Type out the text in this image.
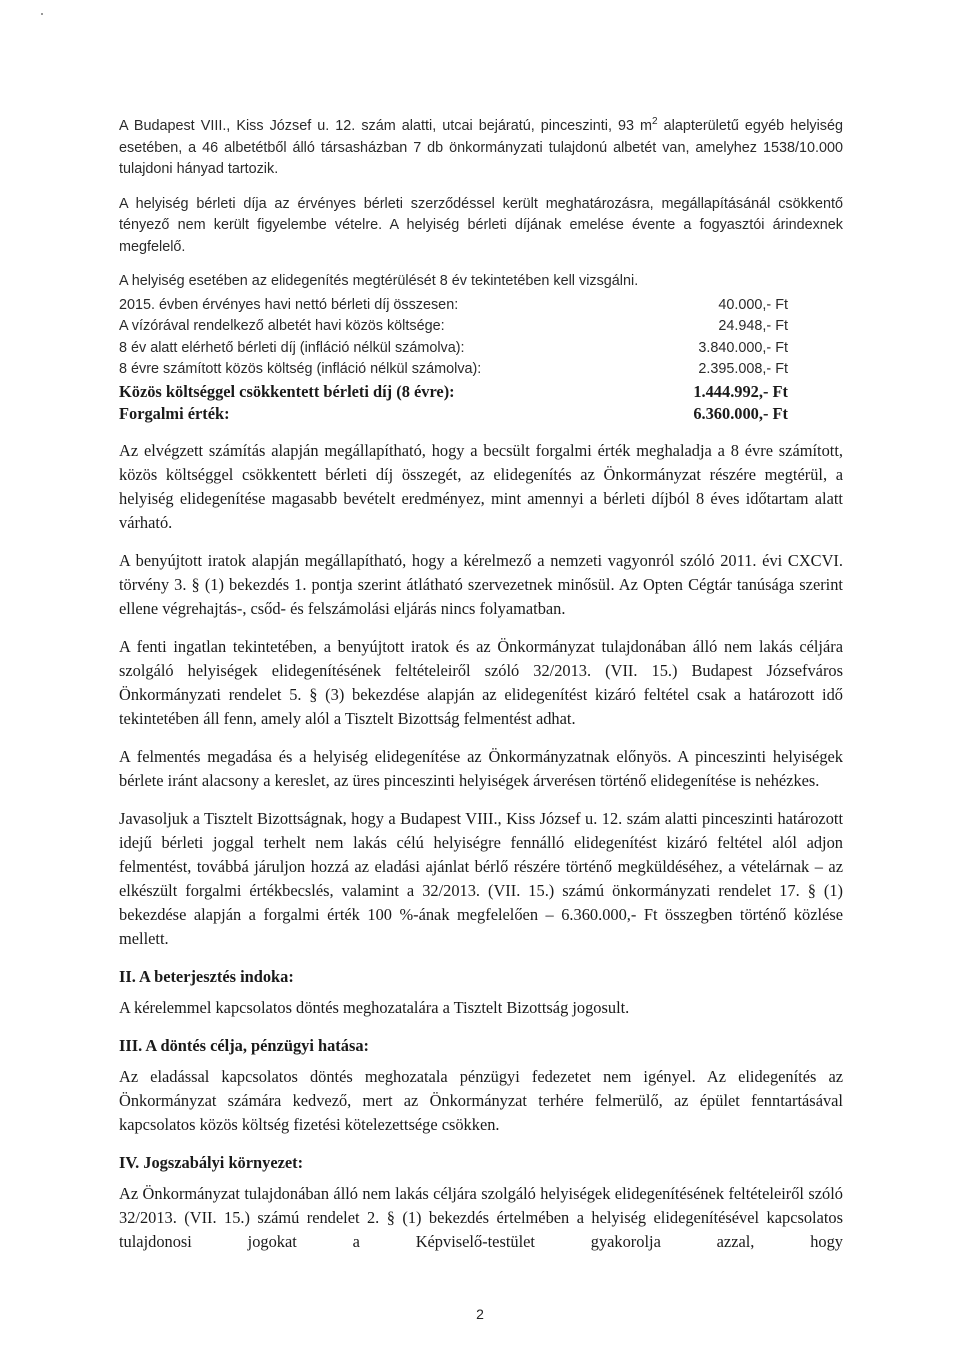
A Budapest VIII., Kiss József u. 12. szám alatti, utcai bejáratú, pinceszinti, 93 $m^2$ alapterületű egyéb helyiség esetében, a 46 albetétből álló társasházban 7 db önkormányzati tulajdonú albetét van, amelyhez 1538/10.000 tulajdoni hányad tartozik.

A helyiség bérleti díja az érvényes bérleti szerződéssel került meghatározásra, megállapításánál csökkentő tényező nem került figyelembe vételre. A helyiség bérleti díjának emelése évente a fogyasztói árindexnek megfelelő.

A helyiség esetében az elidegenítés megtérülését 8 év tekintetében kell vizsgálni.

2015. évben érvényes havi nettó bérleti díj összesen:	40.000,- Ft
A vízórával rendelkező albetét havi közös költsége:	24.948,- Ft
8 év alatt elérhető bérleti díj (infláció nélkül számolva):	3.840.000,- Ft
8 évre számított közös költség (infláció nélkül számolva):	2.395.008,- Ft
Közös költséggel csökkentett bérleti díj (8 évre):	1.444.992,- Ft
Forgalmi érték:	6.360.000,- Ft

Az elvégzett számítás alapján megállapítható, hogy a becsült forgalmi érték meghaladja a 8 évre számított, közös költséggel csökkentett bérleti díj összegét, az elidegenítés az Önkormányzat részére megtérül, a helyiség elidegenítése magasabb bevételt eredményez, mint amennyi a bérleti díjból 8 éves időtartam alatt várható.

A benyújtott iratok alapján megállapítható, hogy a kérelmező a nemzeti vagyonról szóló 2011. évi CXCVI. törvény 3. § (1) bekezdés 1. pontja szerint átlátható szervezetnek minősül. Az Opten Cégtár tanúsága szerint ellene végrehajtás-, csőd- és felszámolási eljárás nincs folyamatban.

A fenti ingatlan tekintetében, a benyújtott iratok és az Önkormányzat tulajdonában álló nem lakás céljára szolgáló helyiségek elidegenítésének feltételeiről szóló 32/2013. (VII. 15.) Budapest Józsefváros Önkormányzati rendelet 5. § (3) bekezdése alapján az elidegenítést kizáró feltétel csak a határozott idő tekintetében áll fenn, amely alól a Tisztelt Bizottság felmentést adhat.

A felmentés megadása és a helyiség elidegenítése az Önkormányzatnak előnyös. A pinceszinti helyiségek bérlete iránt alacsony a kereslet, az üres pinceszinti helyiségek árverésen történő elidegenítése is nehézkes.

Javasoljuk a Tisztelt Bizottságnak, hogy a Budapest VIII., Kiss József u. 12. szám alatti pinceszinti határozott idejű bérleti joggal terhelt nem lakás célú helyiségre fennálló elidegenítést kizáró feltétel alól adjon felmentést, továbbá járuljon hozzá az eladási ajánlat bérlő részére történő megküldéséhez, a vételárnak – az elkészült forgalmi értékbecslés, valamint a 32/2013. (VII. 15.) számú önkormányzati rendelet 17. § (1) bekezdése alapján a forgalmi érték 100 %-ának megfelelően – 6.360.000,- Ft összegben történő közlése mellett.

II. A beterjesztés indoka:

A kérelemmel kapcsolatos döntés meghozatalára a Tisztelt Bizottság jogosult.

III. A döntés célja, pénzügyi hatása:

Az eladással kapcsolatos döntés meghozatala pénzügyi fedezetet nem igényel. Az elidegenítés az Önkormányzat számára kedvező, mert az Önkormányzat terhére felmerülő, az épület fenntartásával kapcsolatos közös költség fizetési kötelezettsége csökken.

IV. Jogszabályi környezet:

Az Önkormányzat tulajdonában álló nem lakás céljára szolgáló helyiségek elidegenítésének feltételeiről szóló 32/2013. (VII. 15.) számú rendelet 2. § (1) bekezdés értelmében a helyiség elidegenítésével kapcsolatos tulajdonosi jogokat a Képviselő-testület gyakorolja azzal, hogy

2
